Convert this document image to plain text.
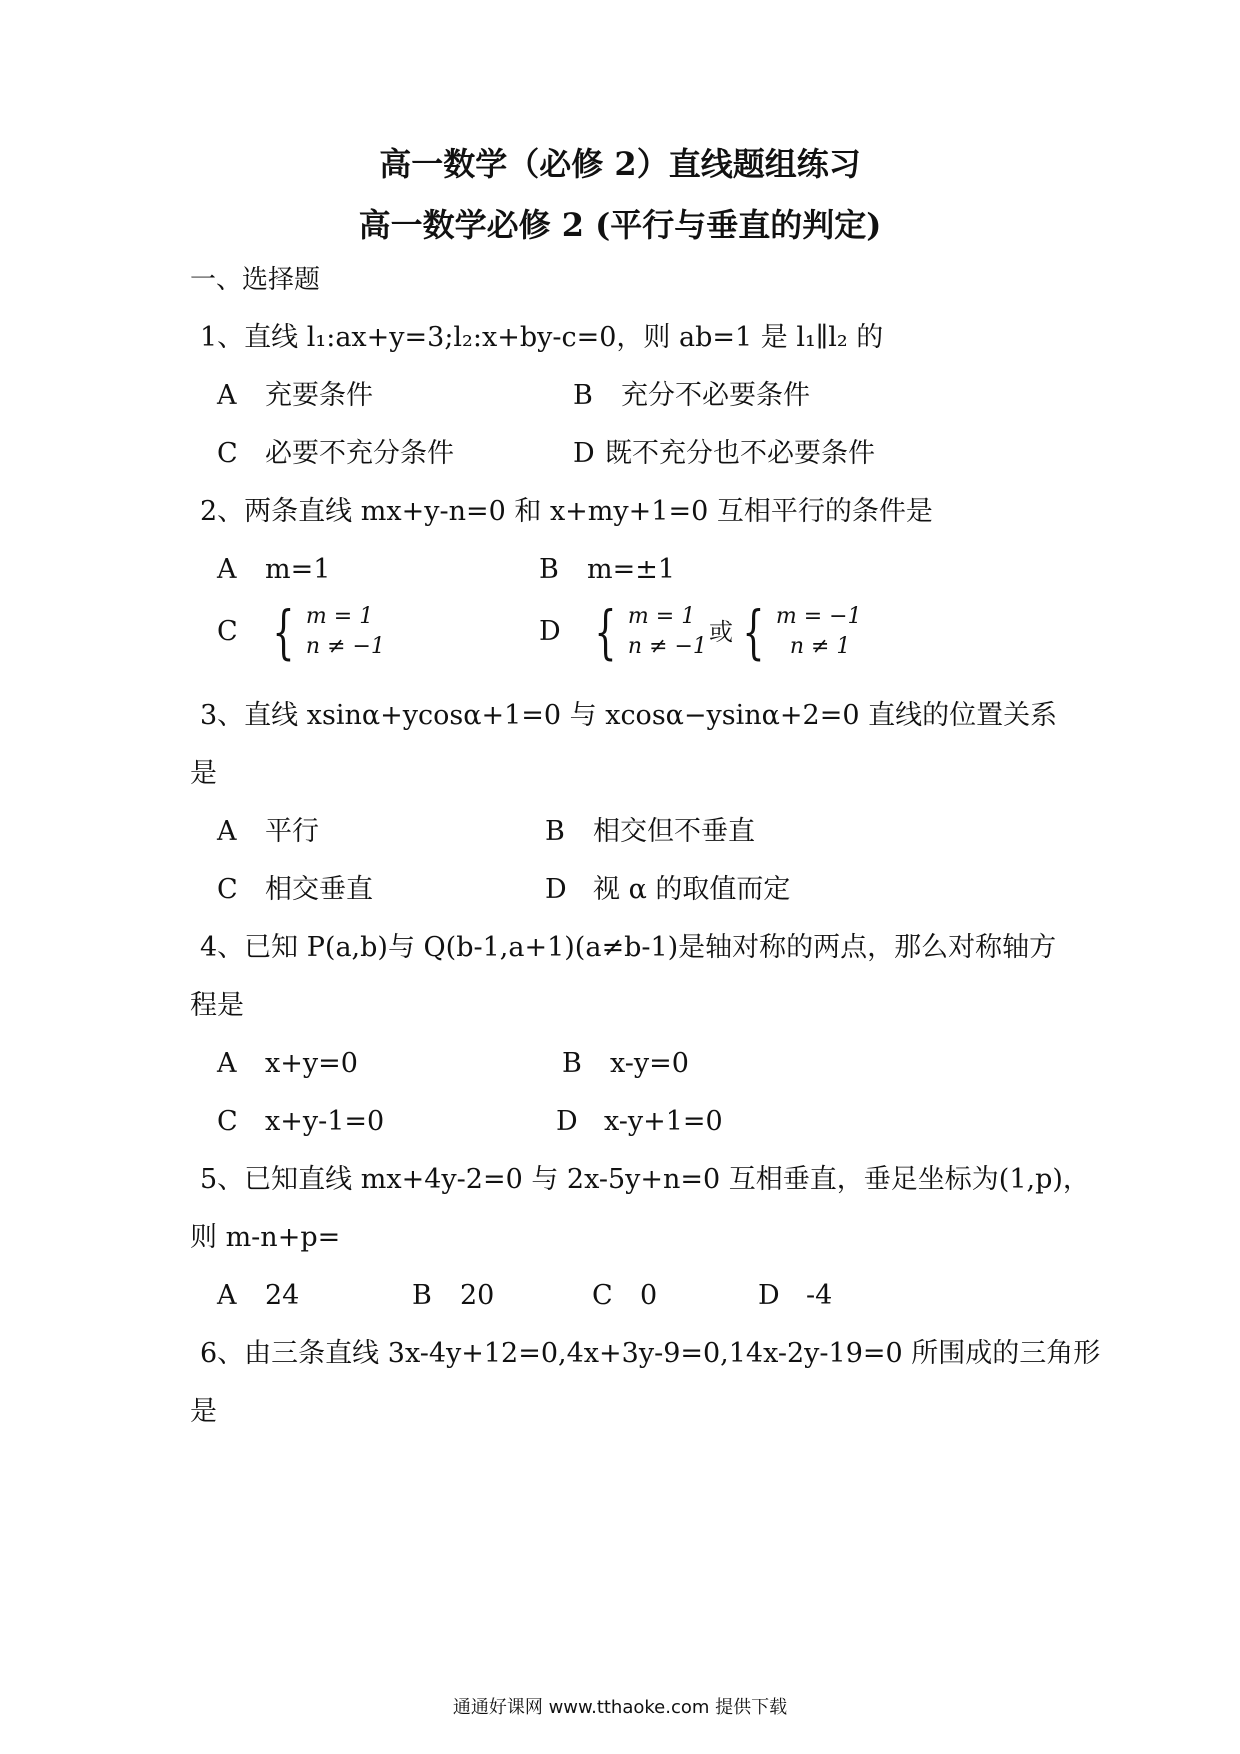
高一数学（必修 2）直线题组练习
高一数学必修 2 (平行与垂直的判定)
一、选择题
1、直线 l₁:ax+y=3;l₂:x+by-c=0，则 ab=1 是 l₁∥l₂ 的
A 充要条件	B 充分不必要条件
C 必要不充分条件	D 既不充分也不必要条件
2、两条直线 mx+y-n=0 和 x+my+1=0 互相平行的条件是
A m=1	B m=±1
C { m = 1
n ≠ −1	D { m = 1
n ≠ −1
或 { m = −1
n ≠ 1
3、直线 xsinα+ycosα+1=0 与 xcosα−ysinα+2=0 直线的位置关系
是
A 平行	B 相交但不垂直
C 相交垂直	D 视 α 的取值而定
4、已知 P(a,b)与 Q(b-1,a+1)(a≠b-1)是轴对称的两点，那么对称轴方
程是
A x+y=0	B x-y=0
C x+y-1=0	D x-y+1=0
5、已知直线 mx+4y-2=0 与 2x-5y+n=0 互相垂直，垂足坐标为(1,p)，
则 m-n+p=
A 24	B 20	C 0	D -4
6、由三条直线 3x-4y+12=0,4x+3y-9=0,14x-2y-19=0 所围成的三角形
是
通通好课网 www.tthaoke.com 提供下载
